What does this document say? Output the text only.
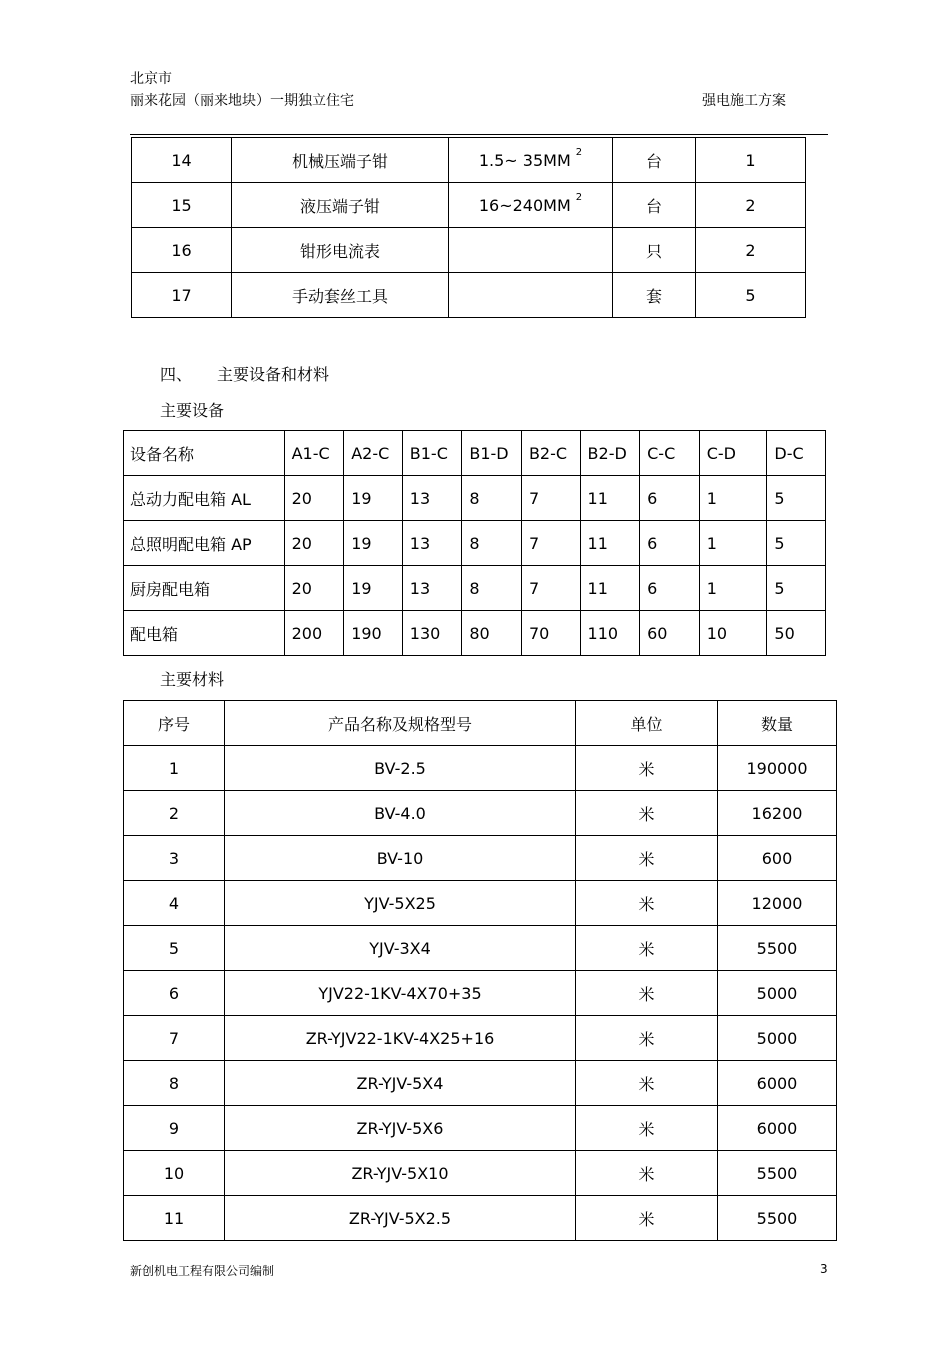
北京市
丽来花园（丽来地块）一期独立住宅	强电施工方案
14	机械压端子钳	1.5~ 35MM $^2$	台	1
15	液压端子钳	16~240MM $^2$	台	2
16	钳形电流表		只	2
17	手动套丝工具		套	5
四、 主要设备和材料
主要设备
设备名称	A1-C	A2-C	B1-C	B1-D	B2-C	B2-D	C-C	C-D	D-C
总动力配电箱 AL	20	19	13	8	7	11	6	1	5
总照明配电箱 AP	20	19	13	8	7	11	6	1	5
厨房配电箱	20	19	13	8	7	11	6	1	5
配电箱	200	190	130	80	70	110	60	10	50
主要材料
序号	产品名称及规格型号	单位	数量
1	BV-2.5	米	190000
2	BV-4.0	米	16200
3	BV-10	米	600
4	YJV-5X25	米	12000
5	YJV-3X4	米	5500
6	YJV22-1KV-4X70+35	米	5000
7	ZR-YJV22-1KV-4X25+16	米	5000
8	ZR-YJV-5X4	米	6000
9	ZR-YJV-5X6	米	6000
10	ZR-YJV-5X10	米	5500
11	ZR-YJV-5X2.5	米	5500
新创机电工程有限公司编制	3
